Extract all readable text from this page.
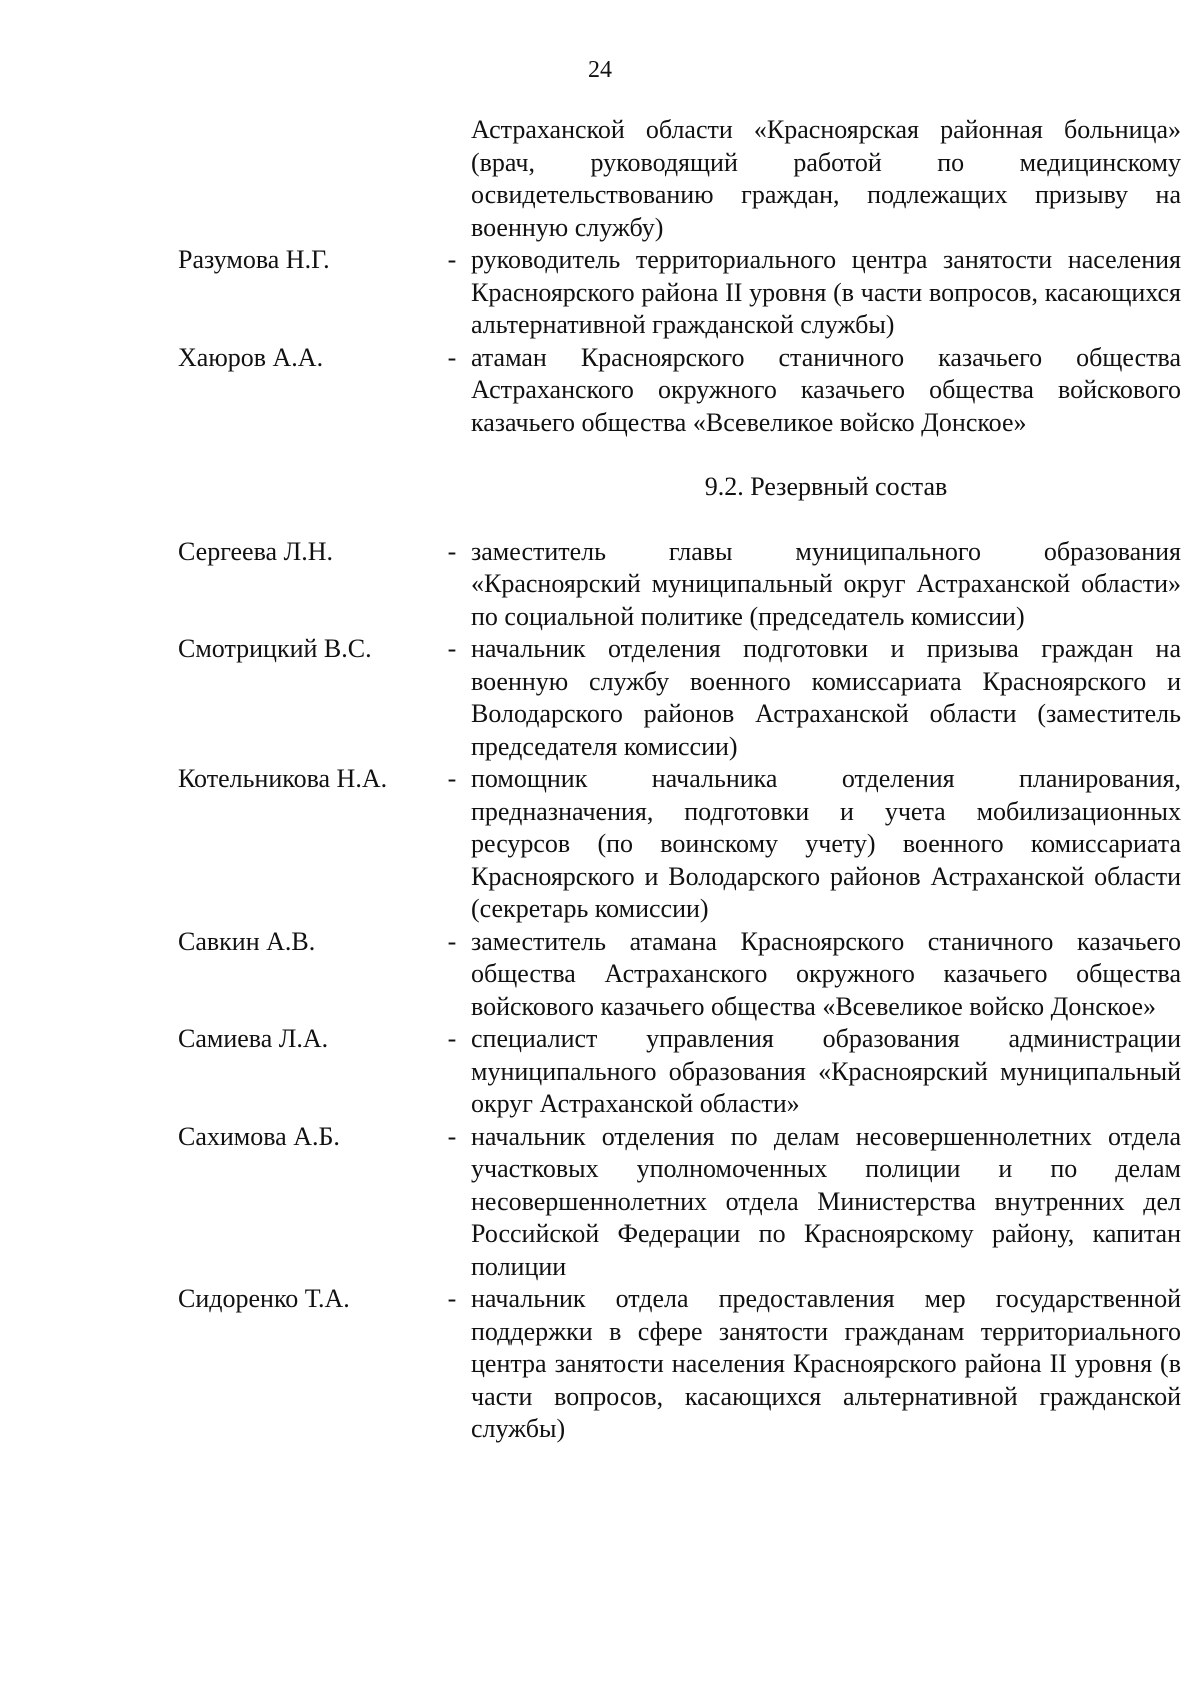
24
Астраханской области «Красноярская районная больница» (врач, руководящий работой по медицинскому освидетельствованию граждан, подлежащих призыву на военную службу)
Разумова Н.Г.	- руководитель территориального центра занятости населения Красноярского района II уровня (в части вопросов, касающихся альтернативной гражданской службы)
Хаюров А.А.	- атаман Красноярского станичного казачьего общества Астраханского окружного казачьего общества войскового казачьего общества «Всевеликое войско Донское»
9.2. Резервный состав
Сергеева Л.Н.	- заместитель главы муниципального образования «Красноярский муниципальный округ Астраханской области» по социальной политике (председатель комиссии)
Смотрицкий В.С.	- начальник отделения подготовки и призыва граждан на военную службу военного комиссариата Красноярского и Володарского районов Астраханской области (заместитель председателя комиссии)
Котельникова Н.А.	- помощник начальника отделения планирования, предназначения, подготовки и учета мобилизационных ресурсов (по воинскому учету) военного комиссариата Красноярского и Володарского районов Астраханской области (секретарь комиссии)
Савкин А.В.	- заместитель атамана Красноярского станичного казачьего общества Астраханского окружного казачьего общества войскового казачьего общества «Всевеликое войско Донское»
Самиева Л.А.	- специалист управления образования администрации муниципального образования «Красноярский муниципальный округ Астраханской области»
Сахимова А.Б.	- начальник отделения по делам несовершеннолетних отдела участковых уполномоченных полиции и по делам несовершеннолетних отдела Министерства внутренних дел Российской Федерации по Красноярскому району, капитан полиции
Сидоренко Т.А.	- начальник отдела предоставления мер государственной поддержки в сфере занятости гражданам территориального центра занятости населения Красноярского района II уровня (в части вопросов, касающихся альтернативной гражданской службы)
